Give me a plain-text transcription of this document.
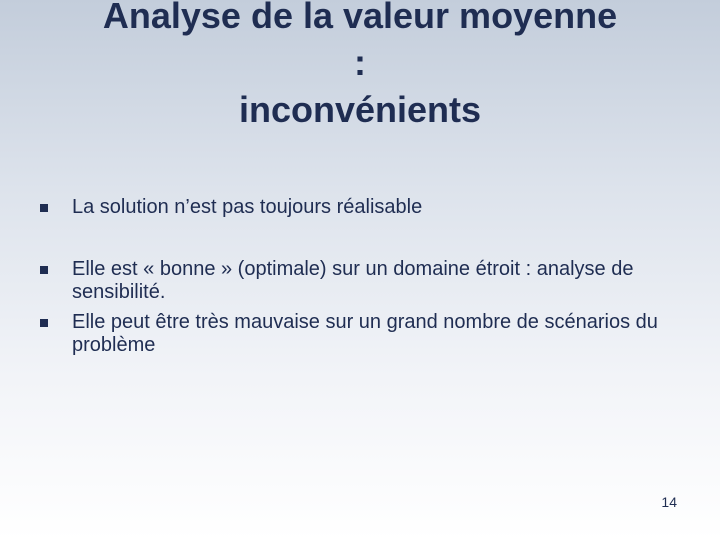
Analyse de la valeur moyenne
:
inconvénients
La solution n’est pas toujours réalisable
Elle est « bonne » (optimale) sur un domaine étroit : analyse de sensibilité.
Elle peut être très mauvaise sur un grand nombre de scénarios du problème
14
